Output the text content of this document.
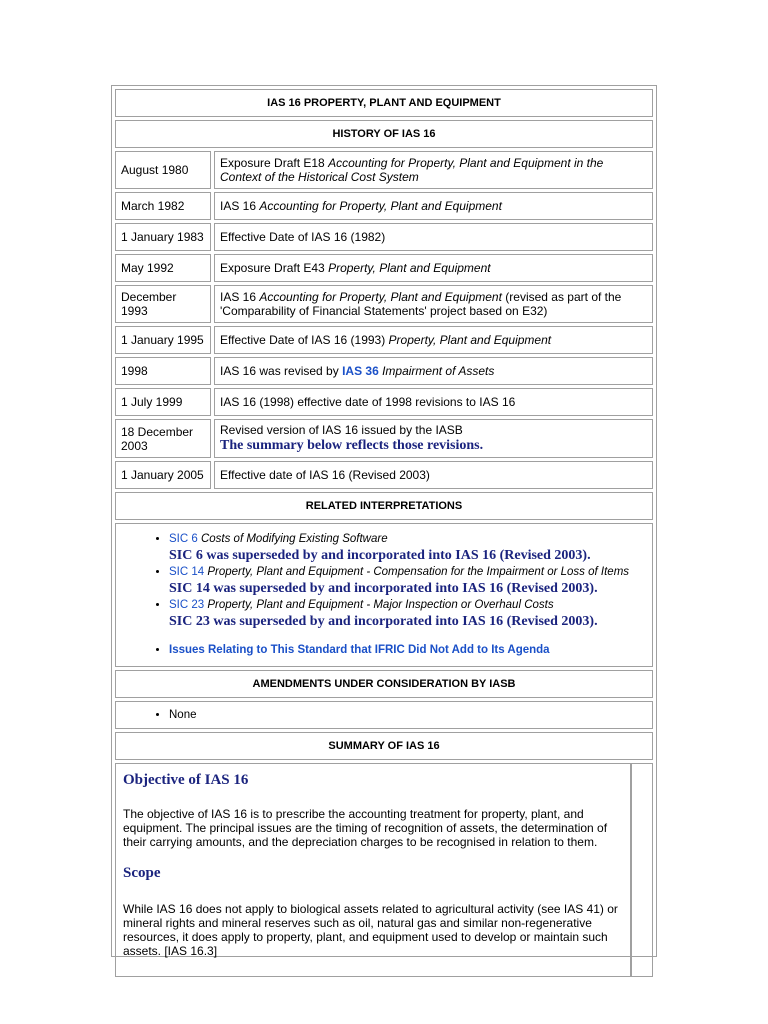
IAS 16 PROPERTY, PLANT AND EQUIPMENT
HISTORY OF IAS 16
August 1980	Exposure Draft E18 Accounting for Property, Plant and Equipment in the Context of the Historical Cost System
March 1982	IAS 16 Accounting for Property, Plant and Equipment
1 January 1983	Effective Date of IAS 16 (1982)
May 1992	Exposure Draft E43 Property, Plant and Equipment
December 1993	IAS 16 Accounting for Property, Plant and Equipment (revised as part of the 'Comparability of Financial Statements' project based on E32)
1 January 1995	Effective Date of IAS 16 (1993) Property, Plant and Equipment
1998	IAS 16 was revised by IAS 36 Impairment of Assets
1 July 1999	IAS 16 (1998) effective date of 1998 revisions to IAS 16
18 December 2003	Revised version of IAS 16 issued by the IASB
The summary below reflects those revisions.

1 January 2005	Effective date of IAS 16 (Revised 2003)
RELATED INTERPRETATIONS

• SIC 6 Costs of Modifying Existing Software
SIC 6 was superseded by and incorporated into IAS 16 (Revised 2003).
• SIC 14 Property, Plant and Equipment - Compensation for the Impairment or Loss of Items
SIC 14 was superseded by and incorporated into IAS 16 (Revised 2003).
• SIC 23 Property, Plant and Equipment - Major Inspection or Overhaul Costs
SIC 23 was superseded by and incorporated into IAS 16 (Revised 2003).
• Issues Relating to This Standard that IFRIC Did Not Add to Its Agenda

AMENDMENTS UNDER CONSIDERATION BY IASB

• None

SUMMARY OF IAS 16

Objective of IAS 16

The objective of IAS 16 is to prescribe the accounting treatment for property, plant, and equipment. The principal issues are the timing of recognition of assets, the determination of their carrying amounts, and the depreciation charges to be recognised in relation to them.

Scope

While IAS 16 does not apply to biological assets related to agricultural activity (see IAS 41) or mineral rights and mineral reserves such as oil, natural gas and similar non-regenerative resources, it does apply to property, plant, and equipment used to develop or maintain such assets. [IAS 16.3]
